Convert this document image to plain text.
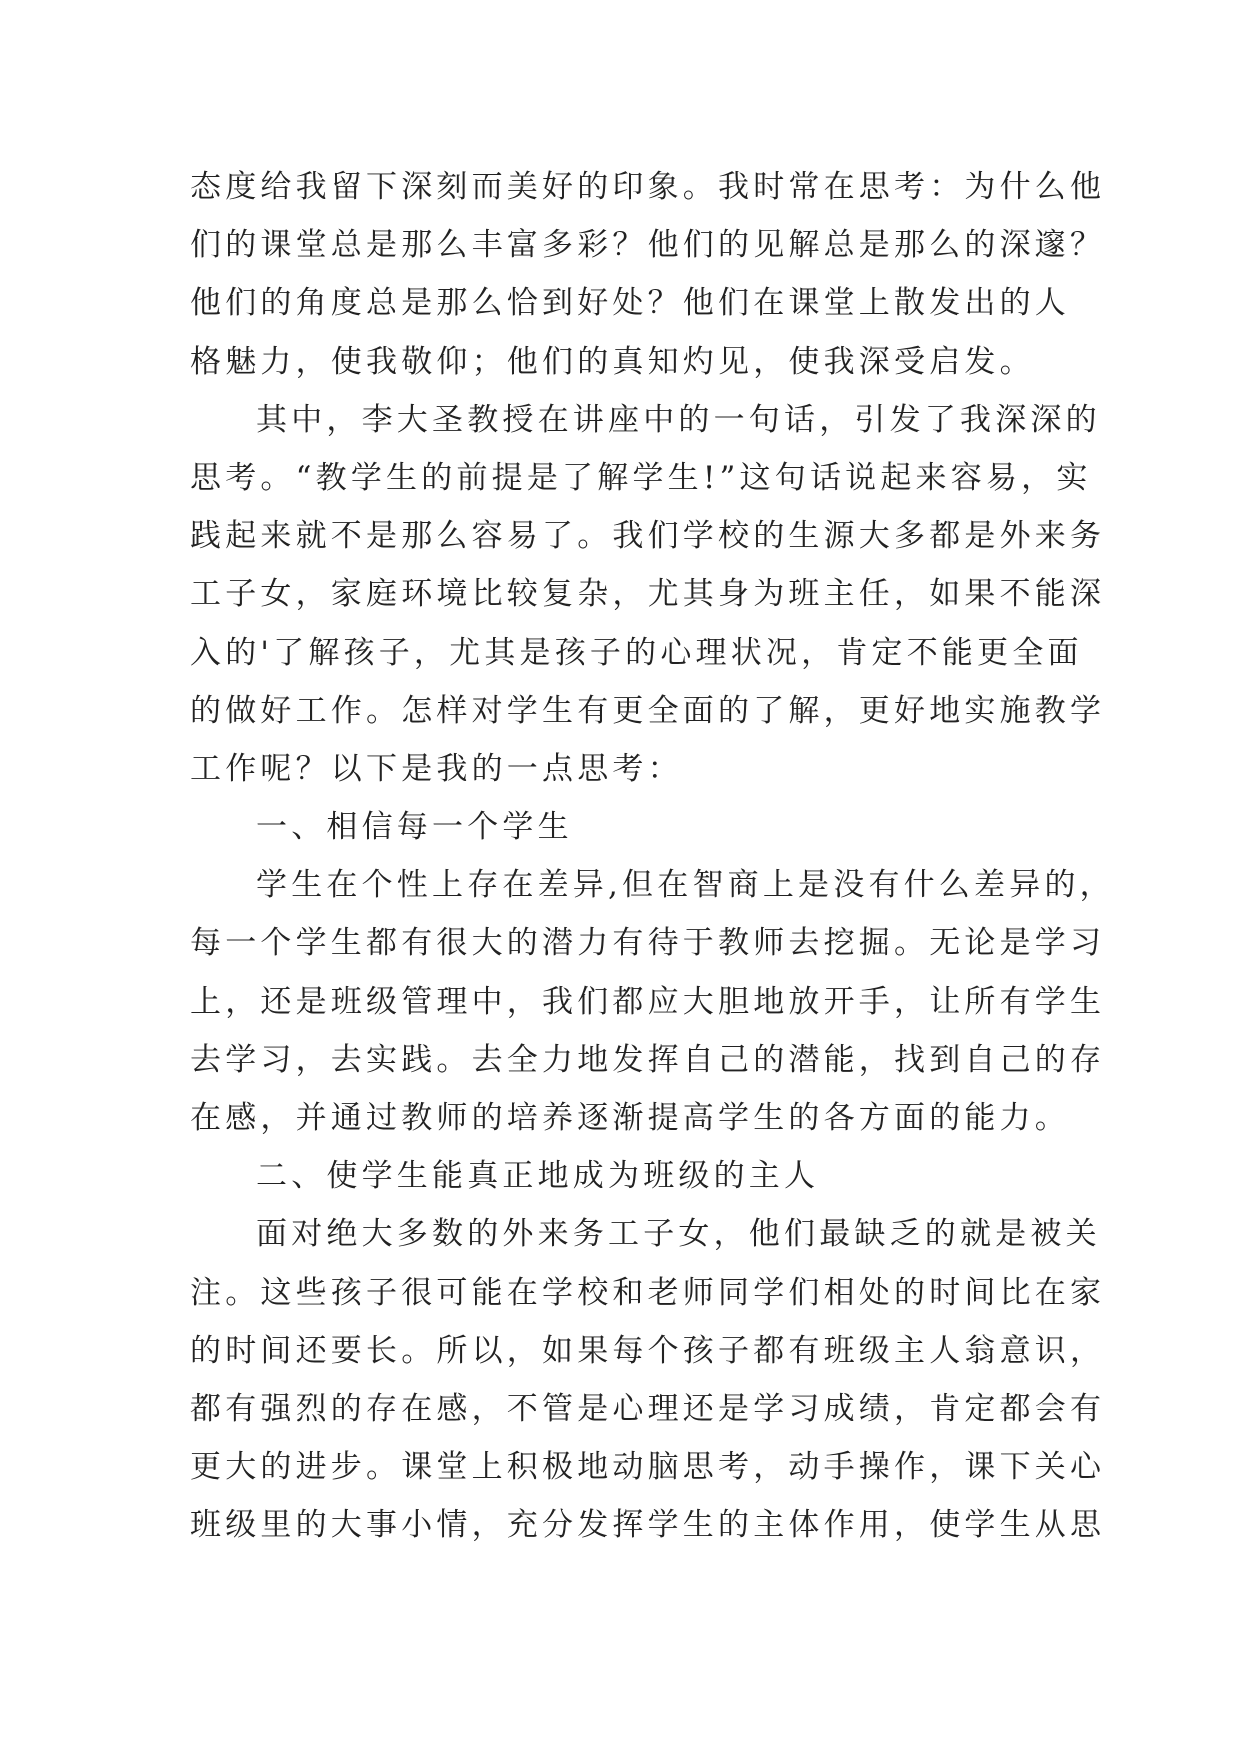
态度给我留下深刻而美好的印象。我时常在思考：为什么他
们的课堂总是那么丰富多彩？他们的见解总是那么的深邃？
他们的角度总是那么恰到好处？他们在课堂上散发出的人
格魅力，使我敬仰；他们的真知灼见，使我深受启发。
其中，李大圣教授在讲座中的一句话，引发了我深深的
思考。“教学生的前提是了解学生!”这句话说起来容易，实
践起来就不是那么容易了。我们学校的生源大多都是外来务
工子女，家庭环境比较复杂，尤其身为班主任，如果不能深
入的'了解孩子，尤其是孩子的心理状况，肯定不能更全面
的做好工作。怎样对学生有更全面的了解，更好地实施教学
工作呢？以下是我的一点思考：
一、相信每一个学生
学生在个性上存在差异,但在智商上是没有什么差异的，
每一个学生都有很大的潜力有待于教师去挖掘。无论是学习
上，还是班级管理中，我们都应大胆地放开手，让所有学生
去学习，去实践。去全力地发挥自己的潜能，找到自己的存
在感，并通过教师的培养逐渐提高学生的各方面的能力。
二、使学生能真正地成为班级的主人
面对绝大多数的外来务工子女，他们最缺乏的就是被关
注。这些孩子很可能在学校和老师同学们相处的时间比在家
的时间还要长。所以，如果每个孩子都有班级主人翁意识，
都有强烈的存在感，不管是心理还是学习成绩，肯定都会有
更大的进步。课堂上积极地动脑思考，动手操作，课下关心
班级里的大事小情，充分发挥学生的主体作用，使学生从思
